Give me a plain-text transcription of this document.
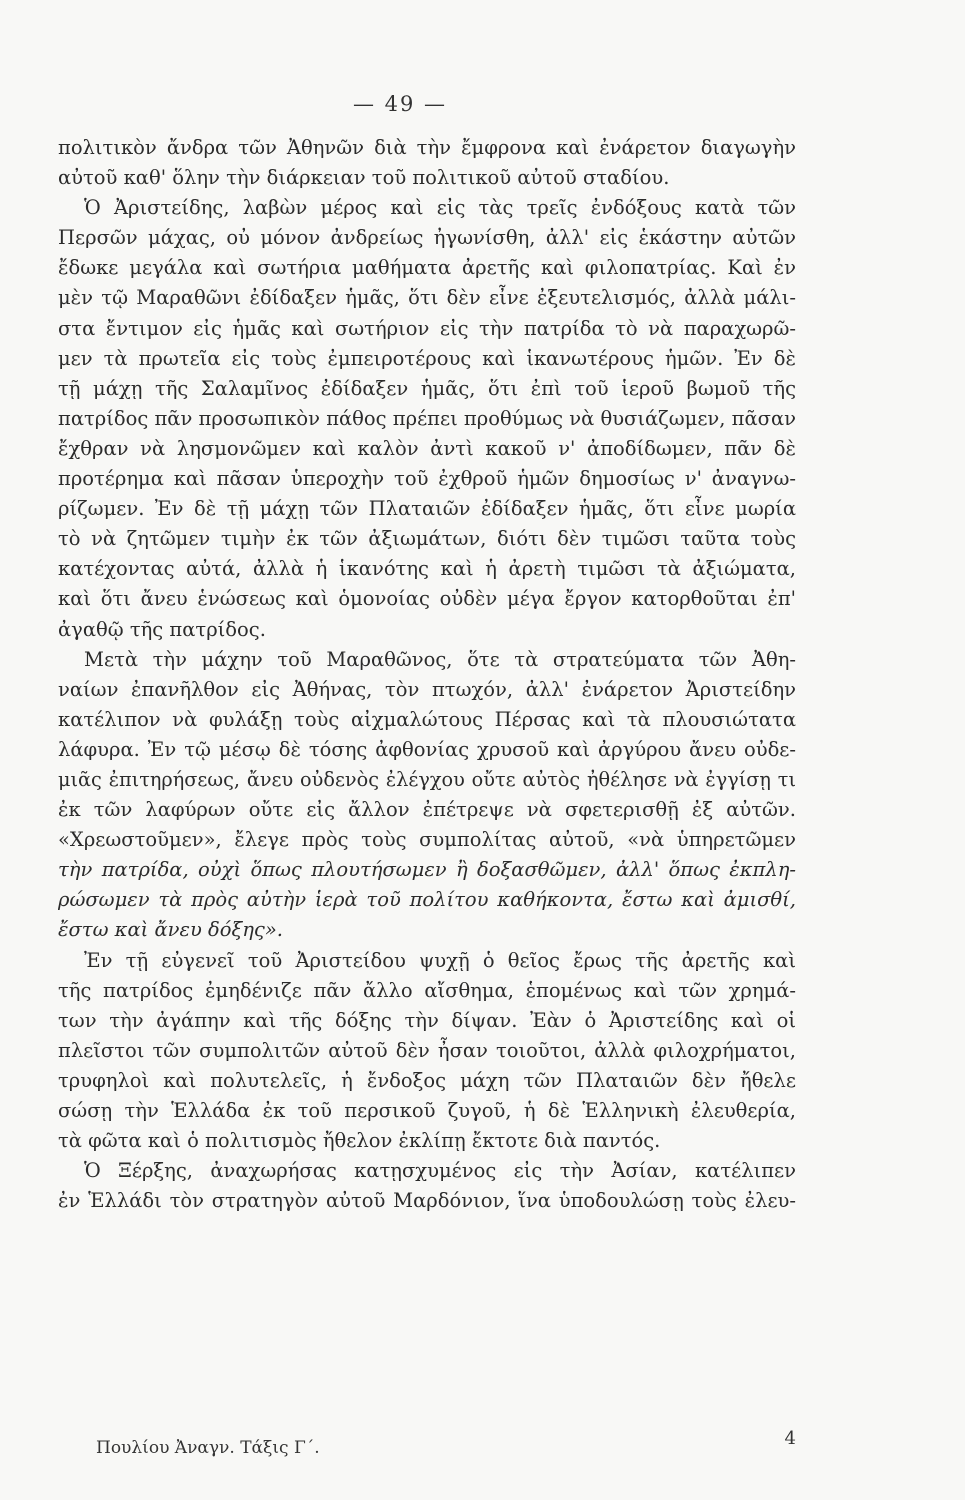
— 49 —
πολιτικὸν ἄνδρα τῶν Ἀθηνῶν διὰ τὴν ἔμφρονα καὶ ἐνάρετον διαγωγὴν
αὐτοῦ καθ' ὅλην τὴν διάρκειαν τοῦ πολιτικοῦ αὐτοῦ σταδίου.
Ὁ Ἀριστείδης, λαβὼν μέρος καὶ εἰς τὰς τρεῖς ἐνδόξους κατὰ τῶν
Περσῶν μάχας, οὐ μόνον ἀνδρείως ἠγωνίσθη, ἀλλ' εἰς ἑκάστην αὐτῶν
ἔδωκε μεγάλα καὶ σωτήρια μαθήματα ἀρετῆς καὶ φιλοπατρίας. Καὶ ἐν
μὲν τῷ Μαραθῶνι ἐδίδαξεν ἡμᾶς, ὅτι δὲν εἶνε ἐξευτελισμός, ἀλλὰ μάλι-
στα ἔντιμον εἰς ἡμᾶς καὶ σωτήριον εἰς τὴν πατρίδα τὸ νὰ παραχωρῶ-
μεν τὰ πρωτεῖα εἰς τοὺς ἐμπειροτέρους καὶ ἱκανωτέρους ἡμῶν. Ἐν δὲ
τῇ μάχῃ τῆς Σαλαμῖνος ἐδίδαξεν ἡμᾶς, ὅτι ἐπὶ τοῦ ἱεροῦ βωμοῦ τῆς
πατρίδος πᾶν προσωπικὸν πάθος πρέπει προθύμως νὰ θυσιάζωμεν, πᾶσαν
ἔχθραν νὰ λησμονῶμεν καὶ καλὸν ἀντὶ κακοῦ ν' ἀποδίδωμεν, πᾶν δὲ
προτέρημα καὶ πᾶσαν ὑπεροχὴν τοῦ ἐχθροῦ ἡμῶν δημοσίως ν' ἀναγνω-
ρίζωμεν. Ἐν δὲ τῇ μάχῃ τῶν Πλαταιῶν ἐδίδαξεν ἡμᾶς, ὅτι εἶνε μωρία
τὸ νὰ ζητῶμεν τιμὴν ἐκ τῶν ἀξιωμάτων, διότι δὲν τιμῶσι ταῦτα τοὺς
κατέχοντας αὐτά, ἀλλὰ ἡ ἱκανότης καὶ ἡ ἀρετὴ τιμῶσι τὰ ἀξιώματα,
καὶ ὅτι ἄνευ ἑνώσεως καὶ ὁμονοίας οὐδὲν μέγα ἔργον κατορθοῦται ἐπ'
ἀγαθῷ τῆς πατρίδος.
Μετὰ τὴν μάχην τοῦ Μαραθῶνος, ὅτε τὰ στρατεύματα τῶν Ἀθη-
ναίων ἐπανῆλθον εἰς Ἀθήνας, τὸν πτωχόν, ἀλλ' ἐνάρετον Ἀριστείδην
κατέλιπον νὰ φυλάξῃ τοὺς αἰχμαλώτους Πέρσας καὶ τὰ πλουσιώτατα
λάφυρα. Ἐν τῷ μέσῳ δὲ τόσης ἀφθονίας χρυσοῦ καὶ ἀργύρου ἄνευ οὐδε-
μιᾶς ἐπιτηρήσεως, ἄνευ οὐδενὸς ἐλέγχου οὔτε αὐτὸς ἠθέλησε νὰ ἐγγίσῃ τι
ἐκ τῶν λαφύρων οὔτε εἰς ἄλλον ἐπέτρεψε νὰ σφετερισθῇ ἐξ αὐτῶν.
«Χρεωστοῦμεν», ἔλεγε πρὸς τοὺς συμπολίτας αὐτοῦ, «νὰ ὑπηρετῶμεν
τὴν πατρίδα, οὐχὶ ὅπως πλουτήσωμεν ἢ δοξασθῶμεν, ἀλλ' ὅπως ἐκπλη-
ρώσωμεν τὰ πρὸς αὐτὴν ἱερὰ τοῦ πολίτου καθήκοντα, ἔστω καὶ ἀμισθί,
ἔστω καὶ ἄνευ δόξης».
Ἐν τῇ εὐγενεῖ τοῦ Ἀριστείδου ψυχῇ ὁ θεῖος ἔρως τῆς ἀρετῆς καὶ
τῆς πατρίδος ἐμηδένιζε πᾶν ἄλλο αἴσθημα, ἑπομένως καὶ τῶν χρημά-
των τὴν ἀγάπην καὶ τῆς δόξης τὴν δίψαν. Ἐὰν ὁ Ἀριστείδης καὶ οἱ
πλεῖστοι τῶν συμπολιτῶν αὐτοῦ δὲν ἦσαν τοιοῦτοι, ἀλλὰ φιλοχρήματοι,
τρυφηλοὶ καὶ πολυτελεῖς, ἡ ἔνδοξος μάχη τῶν Πλαταιῶν δὲν ἤθελε
σώσῃ τὴν Ἑλλάδα ἐκ τοῦ περσικοῦ ζυγοῦ, ἡ δὲ Ἑλληνικὴ ἐλευθερία,
τὰ φῶτα καὶ ὁ πολιτισμὸς ἤθελον ἐκλίπῃ ἔκτοτε διὰ παντός.
Ὁ Ξέρξης, ἀναχωρήσας κατῃσχυμένος εἰς τὴν Ἀσίαν, κατέλιπεν
ἐν Ἑλλάδι τὸν στρατηγὸν αὐτοῦ Μαρδόνιον, ἵνα ὑποδουλώσῃ τοὺς ἐλευ-
Πουλίου Ἀναγν. Τάξις Γ΄.	4
